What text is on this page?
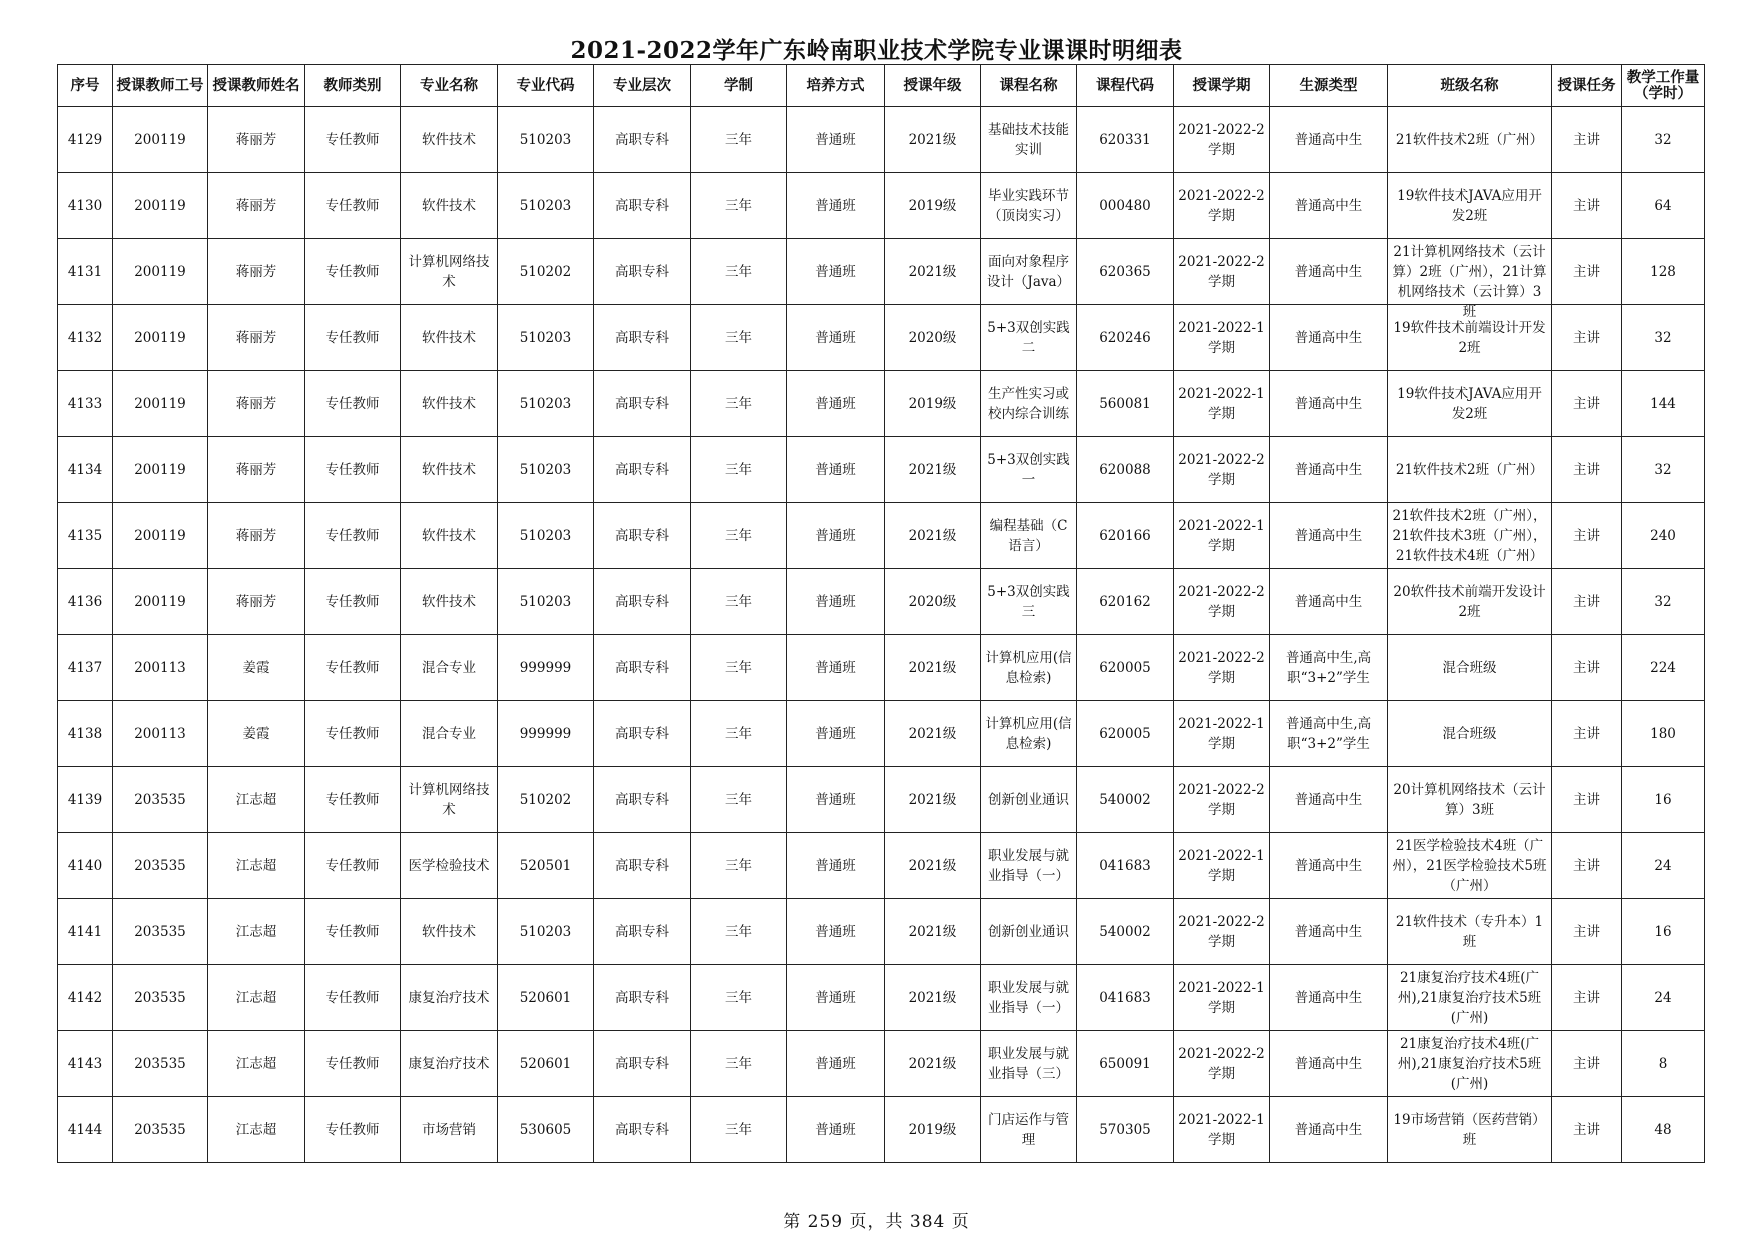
2021-2022学年广东岭南职业技术学院专业课课时明细表
序号	授课教师工号	授课教师姓名	教师类别	专业名称	专业代码	专业层次	学制	培养方式	授课年级	课程名称	课程代码	授课学期	生源类型	班级名称	授课任务	教学工作量（学时）

4129	200119	蒋丽芳	专任教师	软件技术	510203	高职专科	三年	普通班	2021级	基础技术技能实训	620331	2021-2022-2学期	普通高中生	21软件技术2班（广州）	主讲	32

4130	200119	蒋丽芳	专任教师	软件技术	510203	高职专科	三年	普通班	2019级	毕业实践环节（顶岗实习）	000480	2021-2022-2学期	普通高中生	19软件技术JAVA应用开发2班	主讲	64

4131	200119	蒋丽芳	专任教师	计算机网络技术	510202	高职专科	三年	普通班	2021级	面向对象程序设计（Java）	620365	2021-2022-2学期	普通高中生	21计算机网络技术（云计算）2班（广州），21计算机网络技术（云计算）3班	主讲	128

4132	200119	蒋丽芳	专任教师	软件技术	510203	高职专科	三年	普通班	2020级	5+3双创实践二	620246	2021-2022-1学期	普通高中生	19软件技术前端设计开发2班	主讲	32

4133	200119	蒋丽芳	专任教师	软件技术	510203	高职专科	三年	普通班	2019级	生产性实习或校内综合训练	560081	2021-2022-1学期	普通高中生	19软件技术JAVA应用开发2班	主讲	144

4134	200119	蒋丽芳	专任教师	软件技术	510203	高职专科	三年	普通班	2021级	5+3双创实践一	620088	2021-2022-2学期	普通高中生	21软件技术2班（广州）	主讲	32

4135	200119	蒋丽芳	专任教师	软件技术	510203	高职专科	三年	普通班	2021级	编程基础（C语言）	620166	2021-2022-1学期	普通高中生	21软件技术2班（广州），21软件技术3班（广州），21软件技术4班（广州）	主讲	240

4136	200119	蒋丽芳	专任教师	软件技术	510203	高职专科	三年	普通班	2020级	5+3双创实践三	620162	2021-2022-2学期	普通高中生	20软件技术前端开发设计2班	主讲	32

4137	200113	姜霞	专任教师	混合专业	999999	高职专科	三年	普通班	2021级	计算机应用(信息检索)	620005	2021-2022-2学期	普通高中生,高职“3+2”学生	混合班级	主讲	224

4138	200113	姜霞	专任教师	混合专业	999999	高职专科	三年	普通班	2021级	计算机应用(信息检索)	620005	2021-2022-1学期	普通高中生,高职“3+2”学生	混合班级	主讲	180

4139	203535	江志超	专任教师	计算机网络技术	510202	高职专科	三年	普通班	2021级	创新创业通识	540002	2021-2022-2学期	普通高中生	20计算机网络技术（云计算）3班	主讲	16

4140	203535	江志超	专任教师	医学检验技术	520501	高职专科	三年	普通班	2021级	职业发展与就业指导（一）	041683	2021-2022-1学期	普通高中生	21医学检验技术4班（广州），21医学检验技术5班（广州）	主讲	24

4141	203535	江志超	专任教师	软件技术	510203	高职专科	三年	普通班	2021级	创新创业通识	540002	2021-2022-2学期	普通高中生	21软件技术（专升本）1班	主讲	16

4142	203535	江志超	专任教师	康复治疗技术	520601	高职专科	三年	普通班	2021级	职业发展与就业指导（一）	041683	2021-2022-1学期	普通高中生	21康复治疗技术4班(广州),21康复治疗技术5班(广州)	主讲	24

4143	203535	江志超	专任教师	康复治疗技术	520601	高职专科	三年	普通班	2021级	职业发展与就业指导（三）	650091	2021-2022-2学期	普通高中生	21康复治疗技术4班(广州),21康复治疗技术5班(广州)	主讲	8

4144	203535	江志超	专任教师	市场营销	530605	高职专科	三年	普通班	2019级	门店运作与管理	570305	2021-2022-1学期	普通高中生	19市场营销（医药营销）班	主讲	48
第 259 页，共 384 页
